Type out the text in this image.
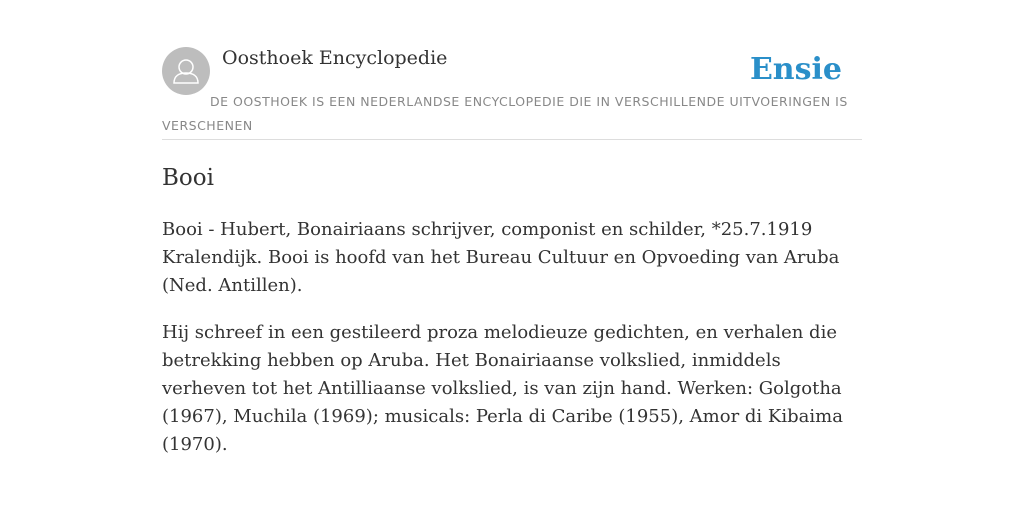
Oosthoek Encyclopedie	Ensie
DE OOSTHOEK IS EEN NEDERLANDSE ENCYCLOPEDIE DIE IN VERSCHILLENDE UITVOERINGEN IS VERSCHENEN
Booi

Booi - Hubert, Bonairiaans schrijver, componist en schilder, *25.7.1919 Kralendijk. Booi is hoofd van het Bureau Cultuur en Opvoeding van Aruba (Ned. Antillen).

Hij schreef in een gestileerd proza melodieuze gedichten, en verhalen die betrekking hebben op Aruba. Het Bonairiaanse volkslied, inmiddels verheven tot het Antilliaanse volkslied, is van zijn hand. Werken: Golgotha (1967), Muchila (1969); musicals: Perla di Caribe (1955), Amor di Kibaima (1970).
